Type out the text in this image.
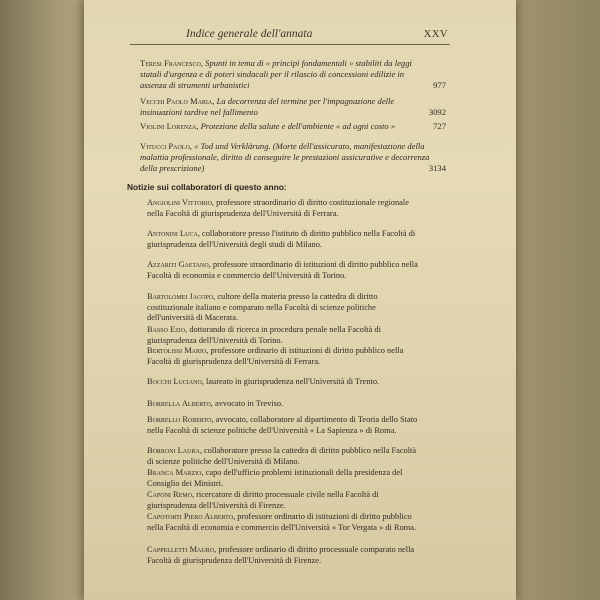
Indice generale dell'annata	XXV
Teresi Francesco, Spunti in tema di « principi fondamentali » stabiliti da leggi statali d'urgenza e di poteri sindacali per il rilascio di concessioni edilizie in assenza di strumenti urbanistici	977
Vecchi Paolo Maria, La decorrenza del termine per l'impugnazione delle insinuazioni tardive nel fallimento	3092
Violini Lorenza, Protezione della salute e dell'ambiente « ad ogni costo »	727
Vitucci Paolo, « Tod und Verklärung. (Morte dell'assicurato, manifestazione della malattia professionale, diritto di conseguire le prestazioni assicurative e decorrenza della prescrizione)	3134
Notizie sui collaboratori di questo anno:
Angiolini Vittorio, professore straordinario di diritto costituzionale regionale nella Facoltà di giurisprudenza dell'Università di Ferrara.
Antonini Luca, collaboratore presso l'istituto di diritto pubblico nella Facoltà di giurisprudenza dell'Università degli studi di Milano.
Azzariti Gaetano, professore straordinario di istituzioni di diritto pubblico nella Facoltà di economia e commercio dell'Università di Torino.
Bartolomei Jacopo, cultore della materia presso la cattedra di diritto costituzionale italiano e comparato nella Facoltà di scienze politiche dell'università di Macerata.
Basso Ezio, dottorando di ricerca in procedura penale nella Facoltà di giurisprudenza dell'Università di Torino.
Bertolissi Mario, professore ordinario di istituzioni di diritto pubblico nella Facoltà di giurisprudenza dell'Università di Ferrara.
Bocchi Luciano, laureato in giurisprudenza nell'Università di Trento.
Borrella Alberto, avvocato in Treviso.
Borrello Roberto, avvocato, collaboratore al dipartimento di Teoria dello Stato nella Facoltà di scienze politiche dell'Università « La Sapienza » di Roma.
Borroni Laura, collaboratore presso la cattedra di diritto pubblico nella Facoltà di scienze politiche dell'Università di Milano.
Branca Marzio, capo dell'ufficio problemi istituzionali della presidenza del Consiglio dei Ministri.
Caponi Remo, ricercatore di diritto processuale civile nella Facoltà di giurisprudenza dell'Università di Firenze.
Capotorti Piero Alberto, professore ordinario di istituzioni di diritto pubblico nella Facoltà di economia e commercio dell'Università « Tor Vergata » di Roma.
Cappelletti Mauro, professore ordinario di diritto processuale comparato nella Facoltà di giurisprudenza dell'Università di Firenze.
